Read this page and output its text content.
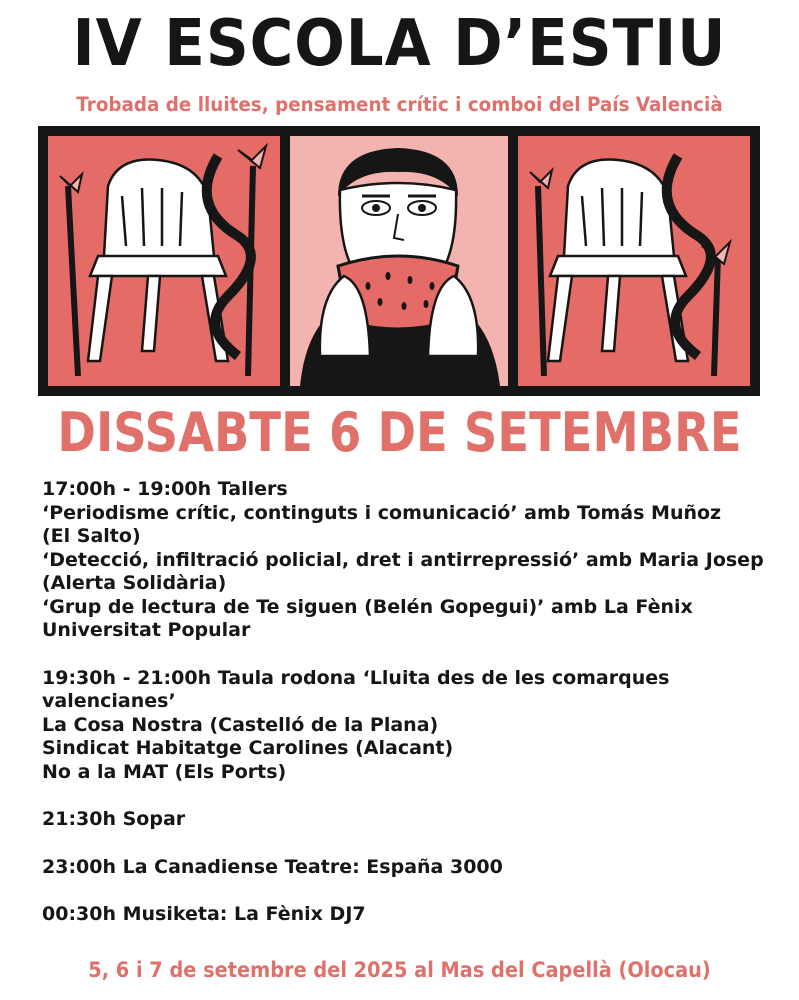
IV ESCOLA D’ESTIU
Trobada de lluites, pensament crític i comboi del País Valencià
DISSABTE 6 DE SETEMBRE
17:00h - 19:00h Tallers
‘Periodisme crític, continguts i comunicació’ amb Tomás Muñoz
(El Salto)
‘Detecció, infiltració policial, dret i antirrepressió’ amb Maria Josep
(Alerta Solidària)
‘Grup de lectura de Te siguen (Belén Gopegui)’ amb La Fènix
Universitat Popular
19:30h - 21:00h Taula rodona ‘Lluita des de les comarques
valencianes’
La Cosa Nostra (Castelló de la Plana)
Sindicat Habitatge Carolines (Alacant)
No a la MAT (Els Ports)
21:30h Sopar
23:00h La Canadiense Teatre: España 3000
00:30h Musiketa: La Fènix DJ7
5, 6 i 7 de setembre del 2025 al Mas del Capellà (Olocau)
